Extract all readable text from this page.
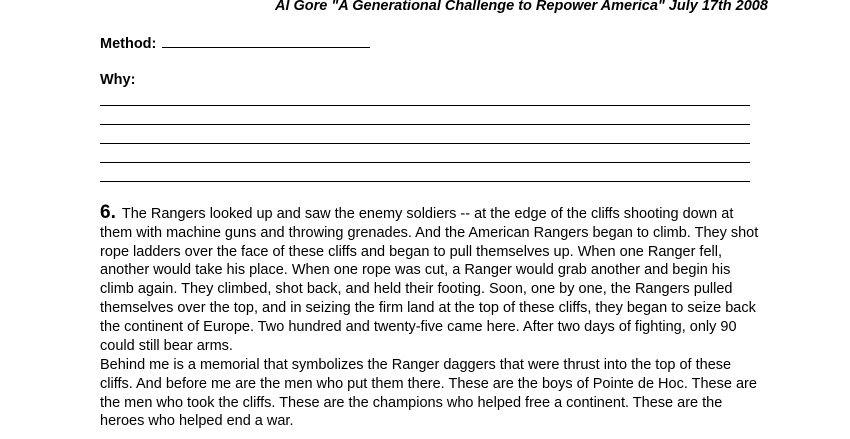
Al Gore "A Generational Challenge to Repower America" July 17th 2008
Method:
Why:
6. The Rangers looked up and saw the enemy soldiers -- at the edge of the cliffs shooting down at them with machine guns and throwing grenades. And the American Rangers began to climb. They shot rope ladders over the face of these cliffs and began to pull themselves up. When one Ranger fell, another would take his place. When one rope was cut, a Ranger would grab another and begin his climb again. They climbed, shot back, and held their footing. Soon, one by one, the Rangers pulled themselves over the top, and in seizing the firm land at the top of these cliffs, they began to seize back the continent of Europe. Two hundred and twenty-five came here. After two days of fighting, only 90 could still bear arms.
Behind me is a memorial that symbolizes the Ranger daggers that were thrust into the top of these cliffs. And before me are the men who put them there. These are the boys of Pointe de Hoc. These are the men who took the cliffs. These are the champions who helped free a continent. These are the heroes who helped end a war.
